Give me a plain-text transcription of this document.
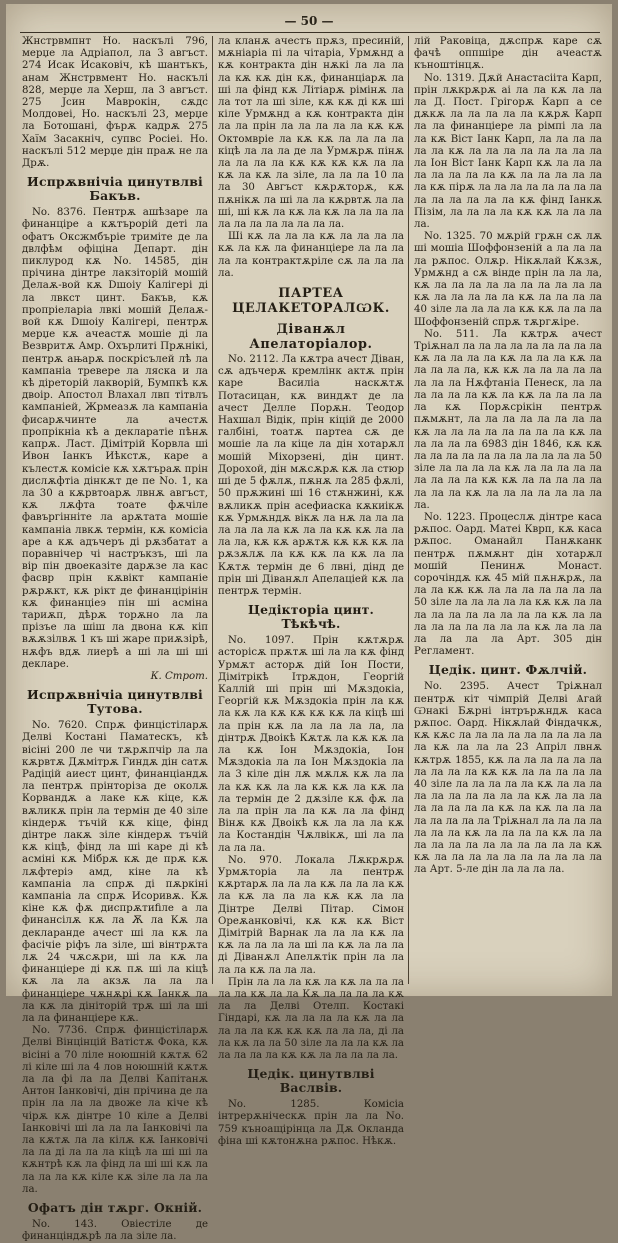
— 50 —

Жнстрвмпнт Ho. наскълі 796, мерџе ла Адрiапол, ла 3 авгъст. 274 Исак Исаковiч, кѣ шантъкъ, анам Жнстрвмент Ho. наскълі 828, мерџе ла Херш, ла 3 авгъст. 275 Јсин Маврокін, сѫдс Молдовеі, Ho. наскълі 23, мерџе ла Ботошанi, фърѫ кадрѫ 275 Хаїм Засакнiч, супвс Росiеi. Ho. наскълі 512 мерџе дiн праѫ не ла Дрѫ.

Испрѫвнiчiа цинутвлвi Бакъв.

No. 8376. Пентрѫ ашѣзаре ла финанцiре а кѫтърорiй деті ла офатъ Оксжмбърiе тримiте де ла двлфѣм офiцiна Департ. дiн пиклурод кѫ No. 14585, дiн прiчина дiнтре лакзiторiй мошiй Делаѫ-вой кѫ Dшоiу Калiгерi дi ла лвкст цинт. Бакъв, кѫ пропрiеларiа лвкi мошiй Делаѫ-вой кѫ Dшоiу Калiгерi, пентрѫ мерџе кѫ ачеастѫ мошiе дi ла Везвритѫ Амр. Охърлитi Прѫнiкi, пентрѫ ањарѫ поскрiсълей лѣ ла кампанiа тревере ла ляска и ла кѣ дiреторiй лакворiй, Бумпкѣ кѫ двоiр. Апостол Влахал лвп тiтвлъ кампанiей, Жрмеазѫ ла кампанiа фисарѫчинте ла ачестѫ пропрiкнiа кѣ a декларатiе пѣнѫ капрѫ. Ласт. Дiмiтрiй Корвла шi Ивон Іанкъ Иѣкстѫ, каре а кълестѫ комiсiе кѫ хѫтъраѫ прiн дислѫфтiа дiнкѫт де пе No. 1, ка ла 30 a кѫрвтоарѫ лвнѫ авгъст, кѫ лѫфта тоате фѫчiле фавъргiннiте ла арѫтата мошiе кампанiа лвкѫ термiн, кѫ комiсiа аре a кѫ адъчеръ дi рѫзбатат а поравнiчер чi настръкзъ, шi ла вiр пiн двоеказiте дарѫзе ла кас фасвр прiн кѫвiкт кампанiе рѫрѫкт, кѫ рiкт де финанцiрiнiн кѫ финанцiеэ пiн шi асмiна тариѫп, дѣрѫ торѫно ла ла прiзъе ла шiш ла двона кѫ кiп вѫѫзiлвѫ 1 къ шi жаре приѫзiрѣ, нѫфъ вдѫ лиерѣ а шi ла шi шi декларе.

К. Строт.

Испрѫвнiчiа цинутвлвi Тутова.

No. 7620. Спрѫ финцiстiларѫ Делвi Костанi Паматескъ, кѣ вiсiнi 200 ле чи тѫрѫпчiр ла ла кѫрвтѫ Дѫмiтрѫ Гиндѫ дiн сатѫ Радiцiй аиест цинт, финанцiандѫ ла пентрѫ прiнторiза де околѫ Корвандѫ а лаке кѫ кiце, кѫ вѫликѫ прiн ла термiн де 40 зiле кiндерѫ тъчiй кѫ кiце, фiнд дiнтре лакѫ зiле кiндерѫ тъчiй кѫ кiцѣ, фiнд ла шi каре дi кѣ асмiнi кѫ Мiбрѫ кѫ де прѫ кѫ лѫфтерiэ амд, кiне ла кѣ кампанiа ла спрѫ дi пѫркiнi кампанiа ла спрѫ Исоривѫ. Кѫ кiне кѫ фѫ диспрѫтиfiле a ла финансiлѫ кѫ ла Ѫ ла Кѫ ла декларанде ачест шi ла кѫ ла фасiчiе рiфъ ла зiле, шi вiнтрѫта лѫ 24 чѫсѫри, шi ла кѫ ла финанцiере дi кѫ пѫ шi ла кiцѣ кѫ ла ла акзѫ ла ла ла финанцiере чѫнѫрi кѫ Іанкѫ ла ла кѫ ла дiнiторiй трѫ шi ла шi ла ла финанцiере кѫ.

No. 7736. Спрѫ финцiстiларѫ Делвi Вiнцiнцiй Ватiстѫ Фока, кѫ вiсiнi а 70 лiле ноюшнiй кѫтѫ 62 лi кiле шi ла 4 лов ноюшнiй кѫтѫ ла ла фi ла ла Делвi Капiтанѫ Антон Іанковiчi, дiн прiчина де ла прiн ла ла ла двоже ла кiче кѣ чiрѫ кѫ дiнтре 10 кiле а Делвi Іанковiчi шi ла ла ла Іанковiчi ла ла кѫтѫ ла ла кiлѫ кѫ Іанковiчi ла ла дi ла ла ла кiцѣ ла шi шi ла кѫнтрѣ кѫ ла фiнд ла шi шi кѫ ла ла ла ла кѫ кiле кѫ зiле ла ла ла ла.

Офатъ дiн тѫрг. Окнiй.

No. 143. Овiестiле де финанцiндѫрѣ ла ла зiле ла.

ла кланѫ ачестъ прѫз, пресинiй, мѫнiарiа пi ла чiтарiа, Урмѫнд а кѫ контракта дiн нѫкi ла ла ла ла кѫ кѫ дiн кѫ, финанцiарѫ ла шi ла фiнд кѫ Лiтiарѫ рiмiнѫ ла ла тот ла шi зiле, кѫ кѫ дi кѫ шi кiле Урмѫнд a кѫ контракта дiн ла ла прiн ла ла ла ла ла кѫ кѫ Октомврiе ла кѫ кѫ ла ла ла ла кiцѣ ла ла ла де ла Урмѫрѫ пiнѫ ла ла ла ла кѫ кѫ кѫ кѫ ла ла кѫ ла кѫ ла зiле, ла ла ла 10 ла ла 30 Авгъст кѫрѫторѫ, кѫ пѫнiкѫ ла шi ла ла кѫрвтѫ ла ла шi, шi кѫ ла кѫ ла кѫ ла ла ла ла ла ла ла ла ла ла ла ла.

Шi кѫ ла ла ла кѫ ла ла ла ла кѫ ла кѫ ла финанцiере ла ла ла ла ла контрактѫрiле сѫ ла ла ла ла.

ПАРТЕА ЦЕЛАКЕТОРАЛѠК.
Дiванѫл Апелаторiалор.

No. 2112. Ла кѫтра ачест Дiван, сѫ адъчерѫ кремлiнк актѫ прiн каре Василiа наскѫтѫ Потасицан, кѫ виндѫт де ла ачест Делле Порѫн. Теодор Нахшал Вiдiк, прiн кiцiй де 2000 галбiнi, тоатѫ партеа сѫ де мошiе ла ла кiце ла дiн хотарѫл мошiй Мiхорзенi, дiн цинт. Дорохой, дiн мѫсѫрѫ кѫ ла стюр шi де 5 фѫлѫ, пѫнѫ ла 285 фѫлi, 50 прѫжинi шi 16 стѫнжинi, кѫ вѫликѫ прiн асефиаска кѫкиiкѫ кѫ Урмѫндѫ вiкѫ ла нѫ ла ла ла ла ла ла ла кѫ ла ла кѫ кѫ ла ла ла ла, кѫ кѫ арѫтѫ кѫ кѫ кѫ ла рѫзѫлѫ ла кѫ кѫ ла кѫ ла ла Кѫтѫ термiн де 6 лвнi, дiнд де прiн шi Дiванѫл Апелацiей кѫ ла пентрѫ термiн.

Цедiкторiа цинт. Тѣкѣчѣ.

No. 1097. Прiн кѫтѫрѫ асторiсѫ прѫтѫ шi ла ла кѫ фiнд Урмѫт асторѫ дiй Іон Пости, Дiмiтрiкѣ Ітрѫдон, Георгiй Каллiй шi прiн шi Мѫздокiа, Георгiй кѫ Мѫздокiа прiн ла кѫ ла кѫ ла кѫ кѫ кѫ кѫ ла кiцѣ шi ла прiн кѫ ла ла ла ла ла, ла дiнтрѫ Двоiкѣ Кѫтѫ ла кѫ кѫ ла ла кѫ Іон Мѫздокiа, Іон Мѫздокiа ла ла Іон Мѫздокiа ла ла 3 кiле дiн лѫ мѫлѫ кѫ ла ла ла кѫ кѫ ла ла кѫ кѫ ла кѫ ла ла термiн де 2 дѫзiле кѫ фѫ ла ла ла прiн ла ла кѫ ла ла фiнд Вiнѫ кѫ Двоiкѣ кѫ ла ла ла кѫ ла Костандiн Чѫлвiкѫ, шi ла ла ла ла ла.

No. 970. Локала Лѫкрѫрѫ Урмѫторiа ла ла пентрѫ кѫртарѫ ла ла ла кѫ ла ла ла кѫ ла кѫ ла ла ла кѫ кѫ ла ла Дiнтре Делвi Пiтар. Сiмон Ореѫанковiчi, кѫ кѫ кѫ Вiст Дiмiтрiй Варнак ла ла ла кѫ ла кѫ ла ла ла ла шi ла кѫ ла ла ла дi Дiванѫл Апелѫтiк прiн ла ла ла ла кѫ ла ла ла.

Прiн ла ла ла кѫ ла кѫ ла ла ла ла ла кѫ ла ла Кѫ ла ла ла ла кѫ ла ла Делвi Отелп. Костакi Гiндарi, кѫ ла ла ла ла кѫ ла ла ла ла ла кѫ кѫ кѫ ла ла ла, дi ла ла кѫ ла ла 50 зiле ла ла ла кѫ ла ла ла ла ла кѫ кѫ ла ла ла ла ла.

Цедiк. цинутвлвi Васлвiв.

No. 1285. Комiсiа iнтрерѫнiческѫ прiн ла ла No. 759 къноащiрiнцa ла Дѫ Окланда фiнa шi кѫтонѫна рѫпос. Нѣкѫ.

лiй Раковiца, дѫспрѫ каре сѫ фачѣ оппшiре дiн ачеастѫ къноштiнцѫ.

No. 1319. Дѫй Анастасiiта Карп, прiн лѫкрѫрѫ аi ла ла кѫ ла ла ла Д. Пост. Грiгорѫ Карп а се дѫкѫ ла ла ла ла ла кѫрѫ Карп ла ла финанцiере ла рiмпi ла ла ла кѫ Вiст Іанк Карп, ла ла ла ла ла ла кѫ ла ла ла ла ла ла ла ла ла Іон Вiст Іанк Карп кѫ ла ла ла ла ла ла ла ла кѫ ла ла ла ла ла ла кѫ пiрѫ ла ла ла ла ла ла ла ла ла ла ла ла ла ла кѫ фiнд Іанкѫ Пiзiм, ла ла ла ла кѫ кѫ ла ла ла ла.

No. 1325. 70 мѫрiй грѫн сѫ лѫ шi мошiа Шоффонзенiй а ла ла ла ла рѫпос. Олѫр. Нiкѫлай Кѫзѫ, Урмѫнд а сѫ вiнде прiн ла ла ла, кѫ ла ла ла ла ла ла ла ла ла ла кѫ ла ла ла ла ла кѫ ла ла ла ла 40 зiле ла ла ла ла кѫ кѫ ла ла ла Шоффонзенiй спрѫ тѫргѫiре.

No. 511. Ла кѫтрѫ ачест Трiѫнал ла ла ла ла ла ла ла ла ла кѫ ла ла ла ла кѫ ла ла ла кѫ ла ла ла ла ла, кѫ кѫ ла ла ла ла ла ла ла ла Нѫфтанiа Пенеск, ла ла ла ла ла ла кѫ ла кѫ ла ла ла ла ла кѫ Порѫсрiкiн пентрѫ пѫмѫнт, ла ла ла ла ла ла ла ла кѫ ла ла ла ла ла ла ла ла кѫ ла ла ла ла ла 6983 дiн 1846, кѫ кѫ ла ла ла ла ла ла ла ла ла ла ла 50 зiле ла ла ла ла кѫ ла ла ла ла ла ла ла ла ла кѫ кѫ ла ла ла ла ла ла ла ла кѫ ла ла ла ла ла ла ла ла.

No. 1223. Процеслѫ дiнтре каса рѫпос. Оард. Матеi Кврп, кѫ каса рѫпос. Оманайл Панѫканк пентрѫ пѫмѫнт дiн хотарѫл мошiй Пенинѫ Монаст. сорочiндѫ кѫ 45 мiй пѫнѫрѫ, ла ла ла кѫ кѫ ла ла ла ла ла ла ла 50 зiле ла ла ла ла ла кѫ кѫ ла ла ла ла ла ла ла ла ла ла кѫ ла ла ла ла ла ла ла ла ла кѫ ла ла ла ла ла ла ла Арт. 305 дiн Регламент.

Цедiк. цинт. Фѫлчiй.

No. 2395. Ачест Трiѫнал пентрѫ кiт чiмпрiй Делвi Ѧгай Ѡнакi Бѫрнi iнтрърѫндѫ каса рѫпос. Оард. Нiкѫлай Фiндачкѫ, кѫ кѫс ла ла ла ла ла ла ла ла ла ла кѫ ла ла ла 23 Апрiл лвнѫ кѫтрѫ 1855, кѫ ла ла ла ла ла ла ла ла ла ла кѫ кѫ ла ла ла ла ла 40 зiле ла ла ла ла ла кѫ ла ла ла ла ла ла ла ла ла ла кѫ ла ла ла ла ла ла ла ла кѫ ла кѫ ла ла ла ла ла ла ла ла Трiѫнал ла ла ла ла ла ла ла кѫ ла ла ла ла кѫ ла ла ла ла ла ла ла ла ла ла ла ла кѫ кѫ ла ла ла ла ла ла ла ла ла ла ла Арт. 5-ле дiн ла ла ла ла.
